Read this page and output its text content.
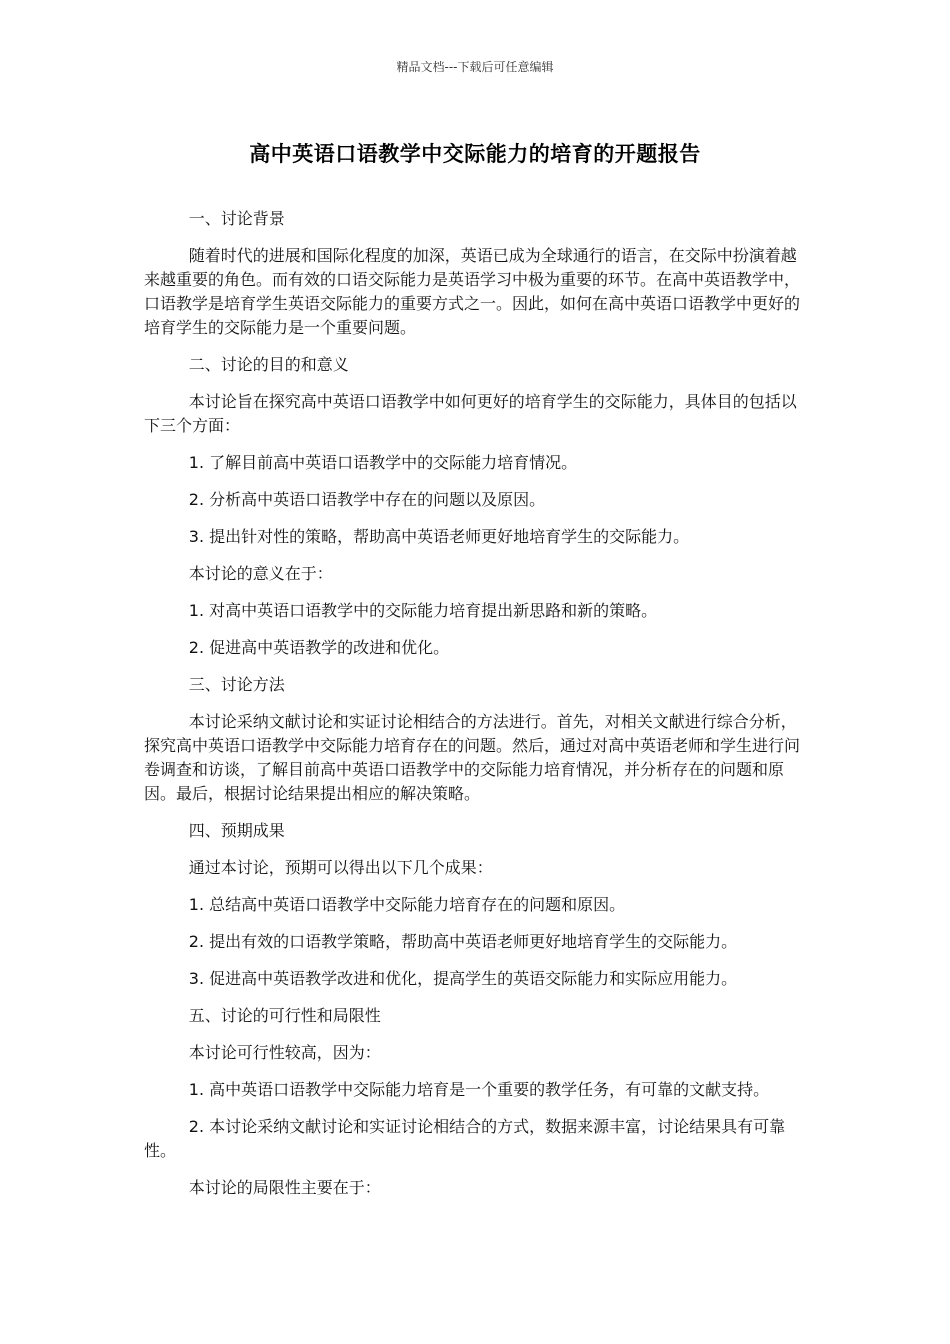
精品文档---下载后可任意编辑
高中英语口语教学中交际能力的培育的开题报告

一、讨论背景

随着时代的进展和国际化程度的加深，英语已成为全球通行的语言，在交际中扮演着越来越重要的角色。而有效的口语交际能力是英语学习中极为重要的环节。在高中英语教学中，口语教学是培育学生英语交际能力的重要方式之一。因此，如何在高中英语口语教学中更好的培育学生的交际能力是一个重要问题。

二、讨论的目的和意义

本讨论旨在探究高中英语口语教学中如何更好的培育学生的交际能力，具体目的包括以下三个方面：

1. 了解目前高中英语口语教学中的交际能力培育情况。

2. 分析高中英语口语教学中存在的问题以及原因。

3. 提出针对性的策略，帮助高中英语老师更好地培育学生的交际能力。

本讨论的意义在于：

1. 对高中英语口语教学中的交际能力培育提出新思路和新的策略。

2. 促进高中英语教学的改进和优化。

三、讨论方法

本讨论采纳文献讨论和实证讨论相结合的方法进行。首先，对相关文献进行综合分析，探究高中英语口语教学中交际能力培育存在的问题。然后，通过对高中英语老师和学生进行问卷调查和访谈，了解目前高中英语口语教学中的交际能力培育情况，并分析存在的问题和原因。最后，根据讨论结果提出相应的解决策略。

四、预期成果

通过本讨论，预期可以得出以下几个成果：

1. 总结高中英语口语教学中交际能力培育存在的问题和原因。

2. 提出有效的口语教学策略，帮助高中英语老师更好地培育学生的交际能力。

3. 促进高中英语教学改进和优化，提高学生的英语交际能力和实际应用能力。

五、讨论的可行性和局限性

本讨论可行性较高，因为：

1. 高中英语口语教学中交际能力培育是一个重要的教学任务，有可靠的文献支持。

2. 本讨论采纳文献讨论和实证讨论相结合的方式，数据来源丰富，讨论结果具有可靠性。

本讨论的局限性主要在于：
